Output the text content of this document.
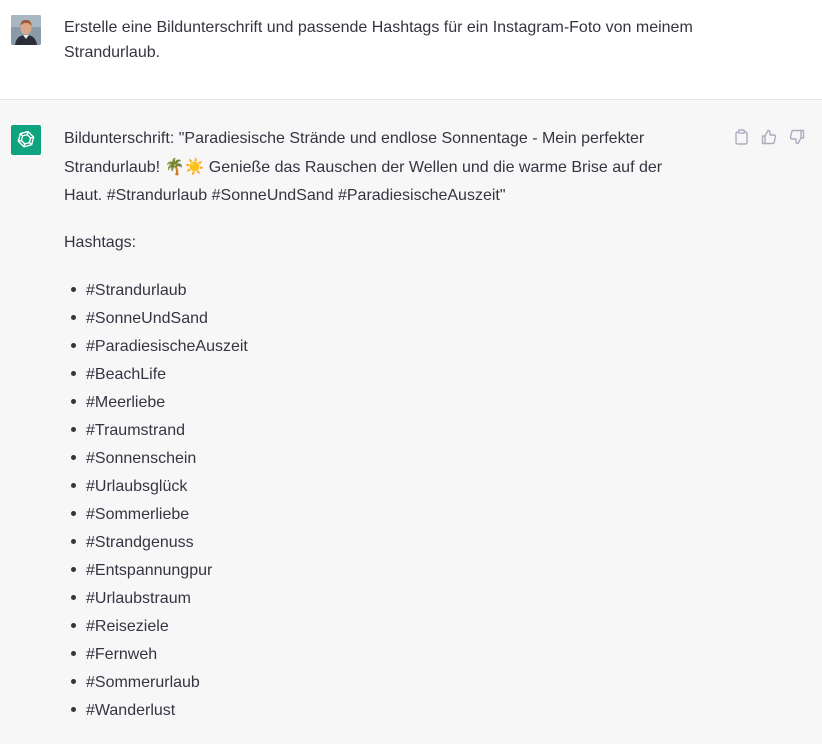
Erstelle eine Bildunterschrift und passende Hashtags für ein Instagram-Foto von meinem Strandurlaub.

Bildunterschrift: "Paradiesische Strände und endlose Sonnentage - Mein perfekter Strandurlaub! 🌴☀️ Genieße das Rauschen der Wellen und die warme Brise auf der Haut. #Strandurlaub #SonneUndSand #ParadiesischeAuszeit"

Hashtags:

#Strandurlaub
#SonneUndSand
#ParadiesischeAuszeit
#BeachLife
#Meerliebe
#Traumstrand
#Sonnenschein
#Urlaubsglück
#Sommerliebe
#Strandgenuss
#Entspannungpur
#Urlaubstraum
#Reiseziele
#Fernweh
#Sommerurlaub
#Wanderlust
